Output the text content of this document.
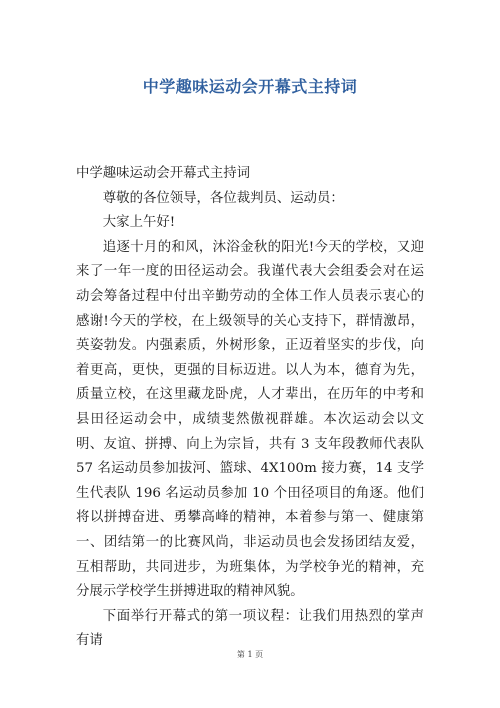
中学趣味运动会开幕式主持词

中学趣味运动会开幕式主持词

尊敬的各位领导，各位裁判员、运动员：

大家上午好!

追逐十月的和风，沐浴金秋的阳光!今天的学校，又迎来了一年一度的田径运动会。我谨代表大会组委会对在运动会筹备过程中付出辛勤劳动的全体工作人员表示衷心的感谢!今天的学校，在上级领导的关心支持下，群情激昂，英姿勃发。内强素质，外树形象，正迈着坚实的步伐，向着更高，更快，更强的目标迈进。以人为本，德育为先，质量立校，在这里藏龙卧虎，人才辈出，在历年的中考和县田径运动会中，成绩斐然傲视群雄。本次运动会以文明、友谊、拼搏、向上为宗旨，共有 3 支年段教师代表队 57 名运动员参加拔河、篮球、4X100m 接力赛，14 支学生代表队 196 名运动员参加 10 个田径项目的角逐。他们将以拼搏奋进、勇攀高峰的精神，本着参与第一、健康第一、团结第一的比赛风尚，非运动员也会发扬团结友爱，互相帮助，共同进步，为班集体，为学校争光的精神，充分展示学校学生拼搏进取的精神风貌。

下面举行开幕式的第一项议程：让我们用热烈的掌声有请

第 1 页
